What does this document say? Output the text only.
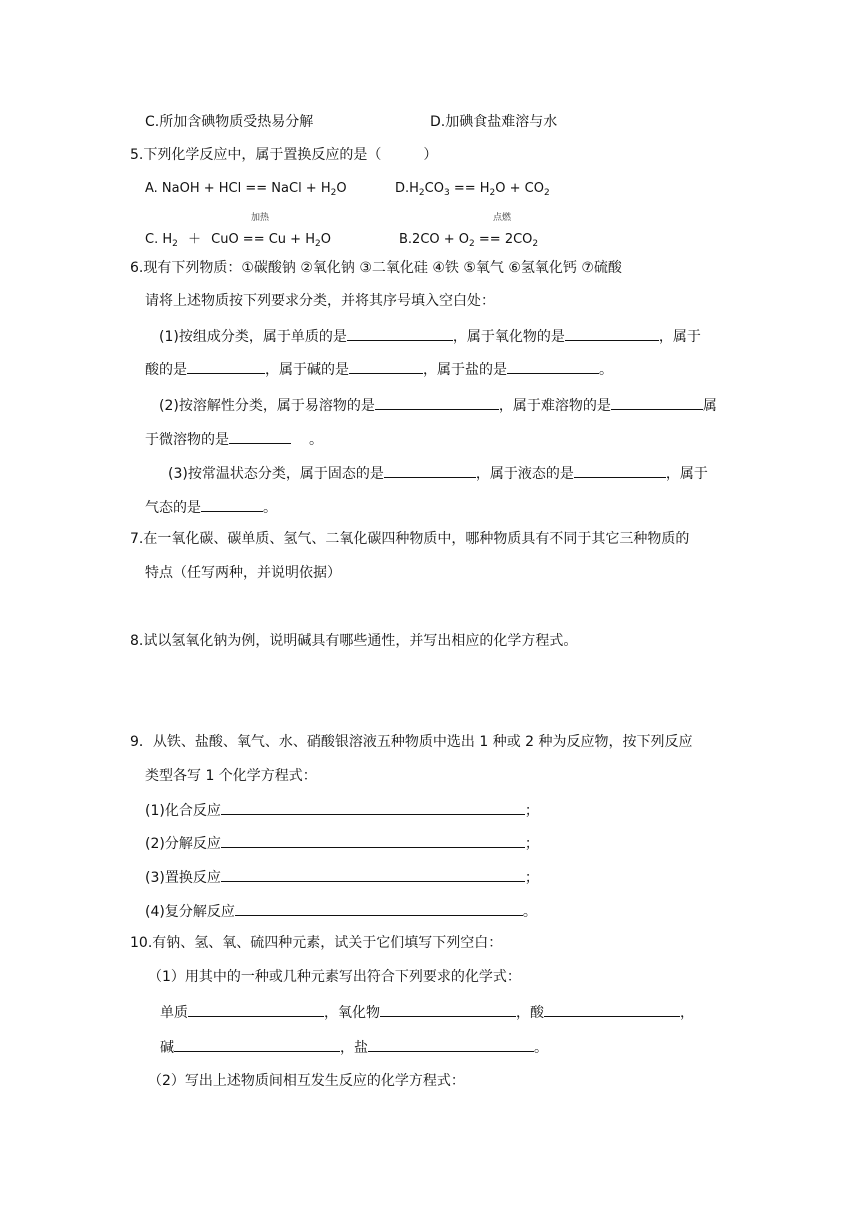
C.所加含碘物质受热易分解	D.加碘食盐难溶与水
5.下列化学反应中，属于置换反应的是（　　　）
A. NaOH + HCl == NaCl + $H_2O$	$D.H_2CO_3 == H_2O + CO_2$
加热	点燃
C. $H_2$ ＋ CuO == $Cu + H_2O$	$B.2CO + O_2 == 2CO_2$
6.现有下列物质：①碳酸钠 ②氧化钠 ③二氧化硅 ④铁 ⑤氧气 ⑥氢氧化钙 ⑦硫酸
请将上述物质按下列要求分类，并将其序号填入空白处：
(1)按组成分类，属于单质的是	，属于氧化物的是	，属于
酸的是	，属于碱的是	，属于盐的是	。
(2)按溶解性分类，属于易溶物的是	，属于难溶物的是	属
于微溶物的是	。
(3)按常温状态分类，属于固态的是	，属于液态的是	，属于
气态的是	。
7.在一氧化碳、碳单质、氢气、二氧化碳四种物质中，哪种物质具有不同于其它三种物质的
特点（任写两种，并说明依据）
8.试以氢氧化钠为例，说明碱具有哪些通性，并写出相应的化学方程式。
9．从铁、盐酸、氧气、水、硝酸银溶液五种物质中选出 1 种或 2 种为反应物，按下列反应
类型各写 1 个化学方程式：
(1)化合反应	；
(2)分解反应	；
(3)置换反应	；
(4)复分解反应	。
10.有钠、氢、氧、硫四种元素，试关于它们填写下列空白：
（1）用其中的一种或几种元素写出符合下列要求的化学式：
单质	，氧化物	，酸	，
碱	，盐	。
（2）写出上述物质间相互发生反应的化学方程式：
